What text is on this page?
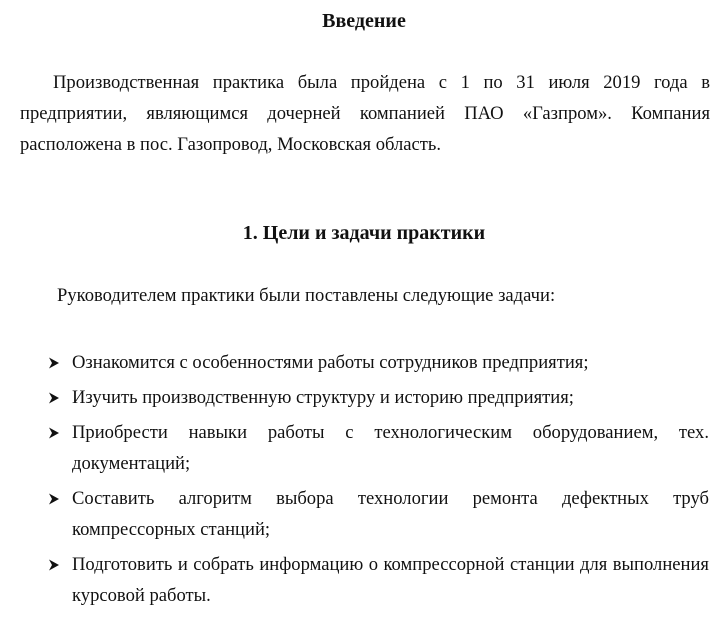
Введение

Производственная практика была пройдена с 1 по 31 июля 2019 года в предприятии, являющимся дочерней компанией ПАО «Газпром». Компания расположена в пос. Газопровод, Московская область.

1. Цели и задачи практики

Руководителем практики были поставлены следующие задачи:

Ознакомится с особенностями работы сотрудников предприятия;
Изучить производственную структуру и историю предприятия;
Приобрести навыки работы с технологическим оборудованием, тех. документаций;
Составить алгоритм выбора технологии ремонта дефектных труб компрессорных станций;
Подготовить и собрать информацию о компрессорной станции для выполнения курсовой работы.
